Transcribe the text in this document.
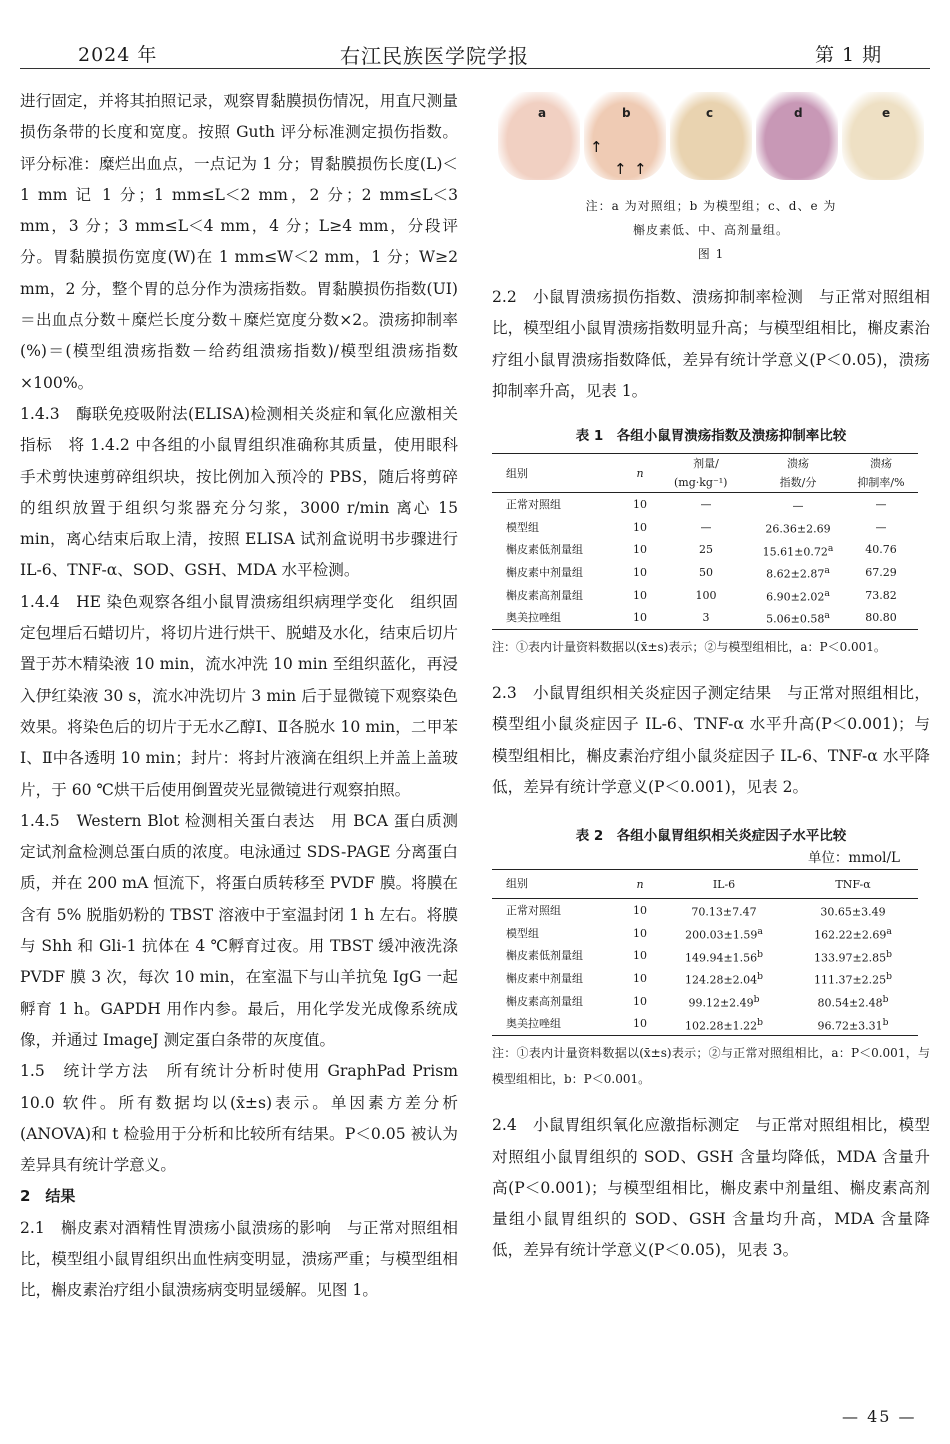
2024 年	右江民族医学院学报	第 1 期

进行固定，并将其拍照记录，观察胃黏膜损伤情况，用直尺测量损伤条带的长度和宽度。按照 Guth 评分标准测定损伤指数。评分标准：糜烂出血点，一点记为 1 分；胃黏膜损伤长度(L)＜1 mm 记 1 分；1 mm≤L＜2 mm，2 分；2 mm≤L＜3 mm，3 分；3 mm≤L＜4 mm，4 分；L≥4 mm，分段评分。胃黏膜损伤宽度(W)在 1 mm≤W＜2 mm，1 分；W≥2 mm，2 分，整个胃的总分作为溃疡指数。胃黏膜损伤指数(UI)＝出血点分数＋糜烂长度分数＋糜烂宽度分数×2。溃疡抑制率(%)＝(模型组溃疡指数－给药组溃疡指数)/模型组溃疡指数×100%。

1.4.3　酶联免疫吸附法(ELISA)检测相关炎症和氧化应激相关指标　将 1.4.2 中各组的小鼠胃组织准确称其质量，使用眼科手术剪快速剪碎组织块，按比例加入预冷的 PBS，随后将剪碎的组织放置于组织匀浆器充分匀浆，3000 r/min 离心 15 min，离心结束后取上清，按照 ELISA 试剂盒说明书步骤进行 IL-6、TNF-α、SOD、GSH、MDA 水平检测。

1.4.4　HE 染色观察各组小鼠胃溃疡组织病理学变化　组织固定包埋后石蜡切片，将切片进行烘干、脱蜡及水化，结束后切片置于苏木精染液 10 min，流水冲洗 10 min 至组织蓝化，再浸入伊红染液 30 s，流水冲洗切片 3 min 后于显微镜下观察染色效果。将染色后的切片于无水乙醇Ⅰ、Ⅱ各脱水 10 min，二甲苯Ⅰ、Ⅱ中各透明 10 min；封片：将封片液滴在组织上并盖上盖玻片，于 60 ℃烘干后使用倒置荧光显微镜进行观察拍照。

1.4.5　Western Blot 检测相关蛋白表达　用 BCA 蛋白质测定试剂盒检测总蛋白质的浓度。电泳通过 SDS-PAGE 分离蛋白质，并在 200 mA 恒流下，将蛋白质转移至 PVDF 膜。将膜在含有 5% 脱脂奶粉的 TBST 溶液中于室温封闭 1 h 左右。将膜与 Shh 和 Gli-1 抗体在 4 ℃孵育过夜。用 TBST 缓冲液洗涤 PVDF 膜 3 次，每次 10 min，在室温下与山羊抗兔 IgG 一起孵育 1 h。GAPDH 用作内参。最后，用化学发光成像系统成像，并通过 ImageJ 测定蛋白条带的灰度值。

1.5　统计学方法　所有统计分析时使用 GraphPad Prism 10.0 软件。所有数据均以(x̄±s)表示。单因素方差分析(ANOVA)和 t 检验用于分析和比较所有结果。P＜0.05 被认为差异具有统计学意义。

2　结果

2.1　槲皮素对酒精性胃溃疡小鼠溃疡的影响　与正常对照组相比，模型组小鼠胃组织出血性病变明显，溃疡严重；与模型组相比，槲皮素治疗组小鼠溃疡病变明显缓解。见图 1。

a	b
↑
↑ ↑
c	d	e

注：a 为对照组；b 为模型组；c、d、e 为

槲皮素低、中、高剂量组。

图 1

2.2　小鼠胃溃疡损伤指数、溃疡抑制率检测　与正常对照组相比，模型组小鼠胃溃疡指数明显升高；与模型组相比，槲皮素治疗组小鼠胃溃疡指数降低，差异有统计学意义(P＜0.05)，溃疡抑制率升高，见表 1。

表 1　各组小鼠胃溃疡指数及溃疡抑制率比较

组别	n	剂量/	溃疡	溃疡
		(mg·kg⁻¹)	指数/分	抑制率/%
正常对照组	10	—	—	—
模型组	10	—	26.36±2.69	—
槲皮素低剂量组	10	25	15.61±0.72$^a$	40.76
槲皮素中剂量组	10	50	8.62±2.87$^a$	67.29
槲皮素高剂量组	10	100	6.90±2.02$^a$	73.82
奥美拉唑组	10	3	5.06±0.58$^a$	80.80

注：①表内计量资料数据以(x̄±s)表示；②与模型组相比，a：P＜0.001。

2.3　小鼠胃组织相关炎症因子测定结果　与正常对照组相比，模型组小鼠炎症因子 IL-6、TNF-α 水平升高(P＜0.001)；与模型组相比，槲皮素治疗组小鼠炎症因子 IL-6、TNF-α 水平降低，差异有统计学意义(P＜0.001)，见表 2。

表 2　各组小鼠胃组织相关炎症因子水平比较

单位：mmol/L

组别	n	IL-6	TNF-α
正常对照组	10	70.13±7.47	30.65±3.49
模型组	10	200.03±1.59$^a$	162.22±2.69$^a$
槲皮素低剂量组	10	149.94±1.56$^b$	133.97±2.85$^b$
槲皮素中剂量组	10	124.28±2.04$^b$	111.37±2.25$^b$
槲皮素高剂量组	10	99.12±2.49$^b$	80.54±2.48$^b$
奥美拉唑组	10	102.28±1.22$^b$	96.72±3.31$^b$

注：①表内计量资料数据以(x̄±s)表示；②与正常对照组相比，a：P＜0.001，与模型组相比，b：P＜0.001。

2.4　小鼠胃组织氧化应激指标测定　与正常对照组相比，模型对照组小鼠胃组织的 SOD、GSH 含量均降低，MDA 含量升高(P＜0.001)；与模型组相比，槲皮素中剂量组、槲皮素高剂量组小鼠胃组织的 SOD、GSH 含量均升高，MDA 含量降低，差异有统计学意义(P＜0.05)，见表 3。

— 45 —
